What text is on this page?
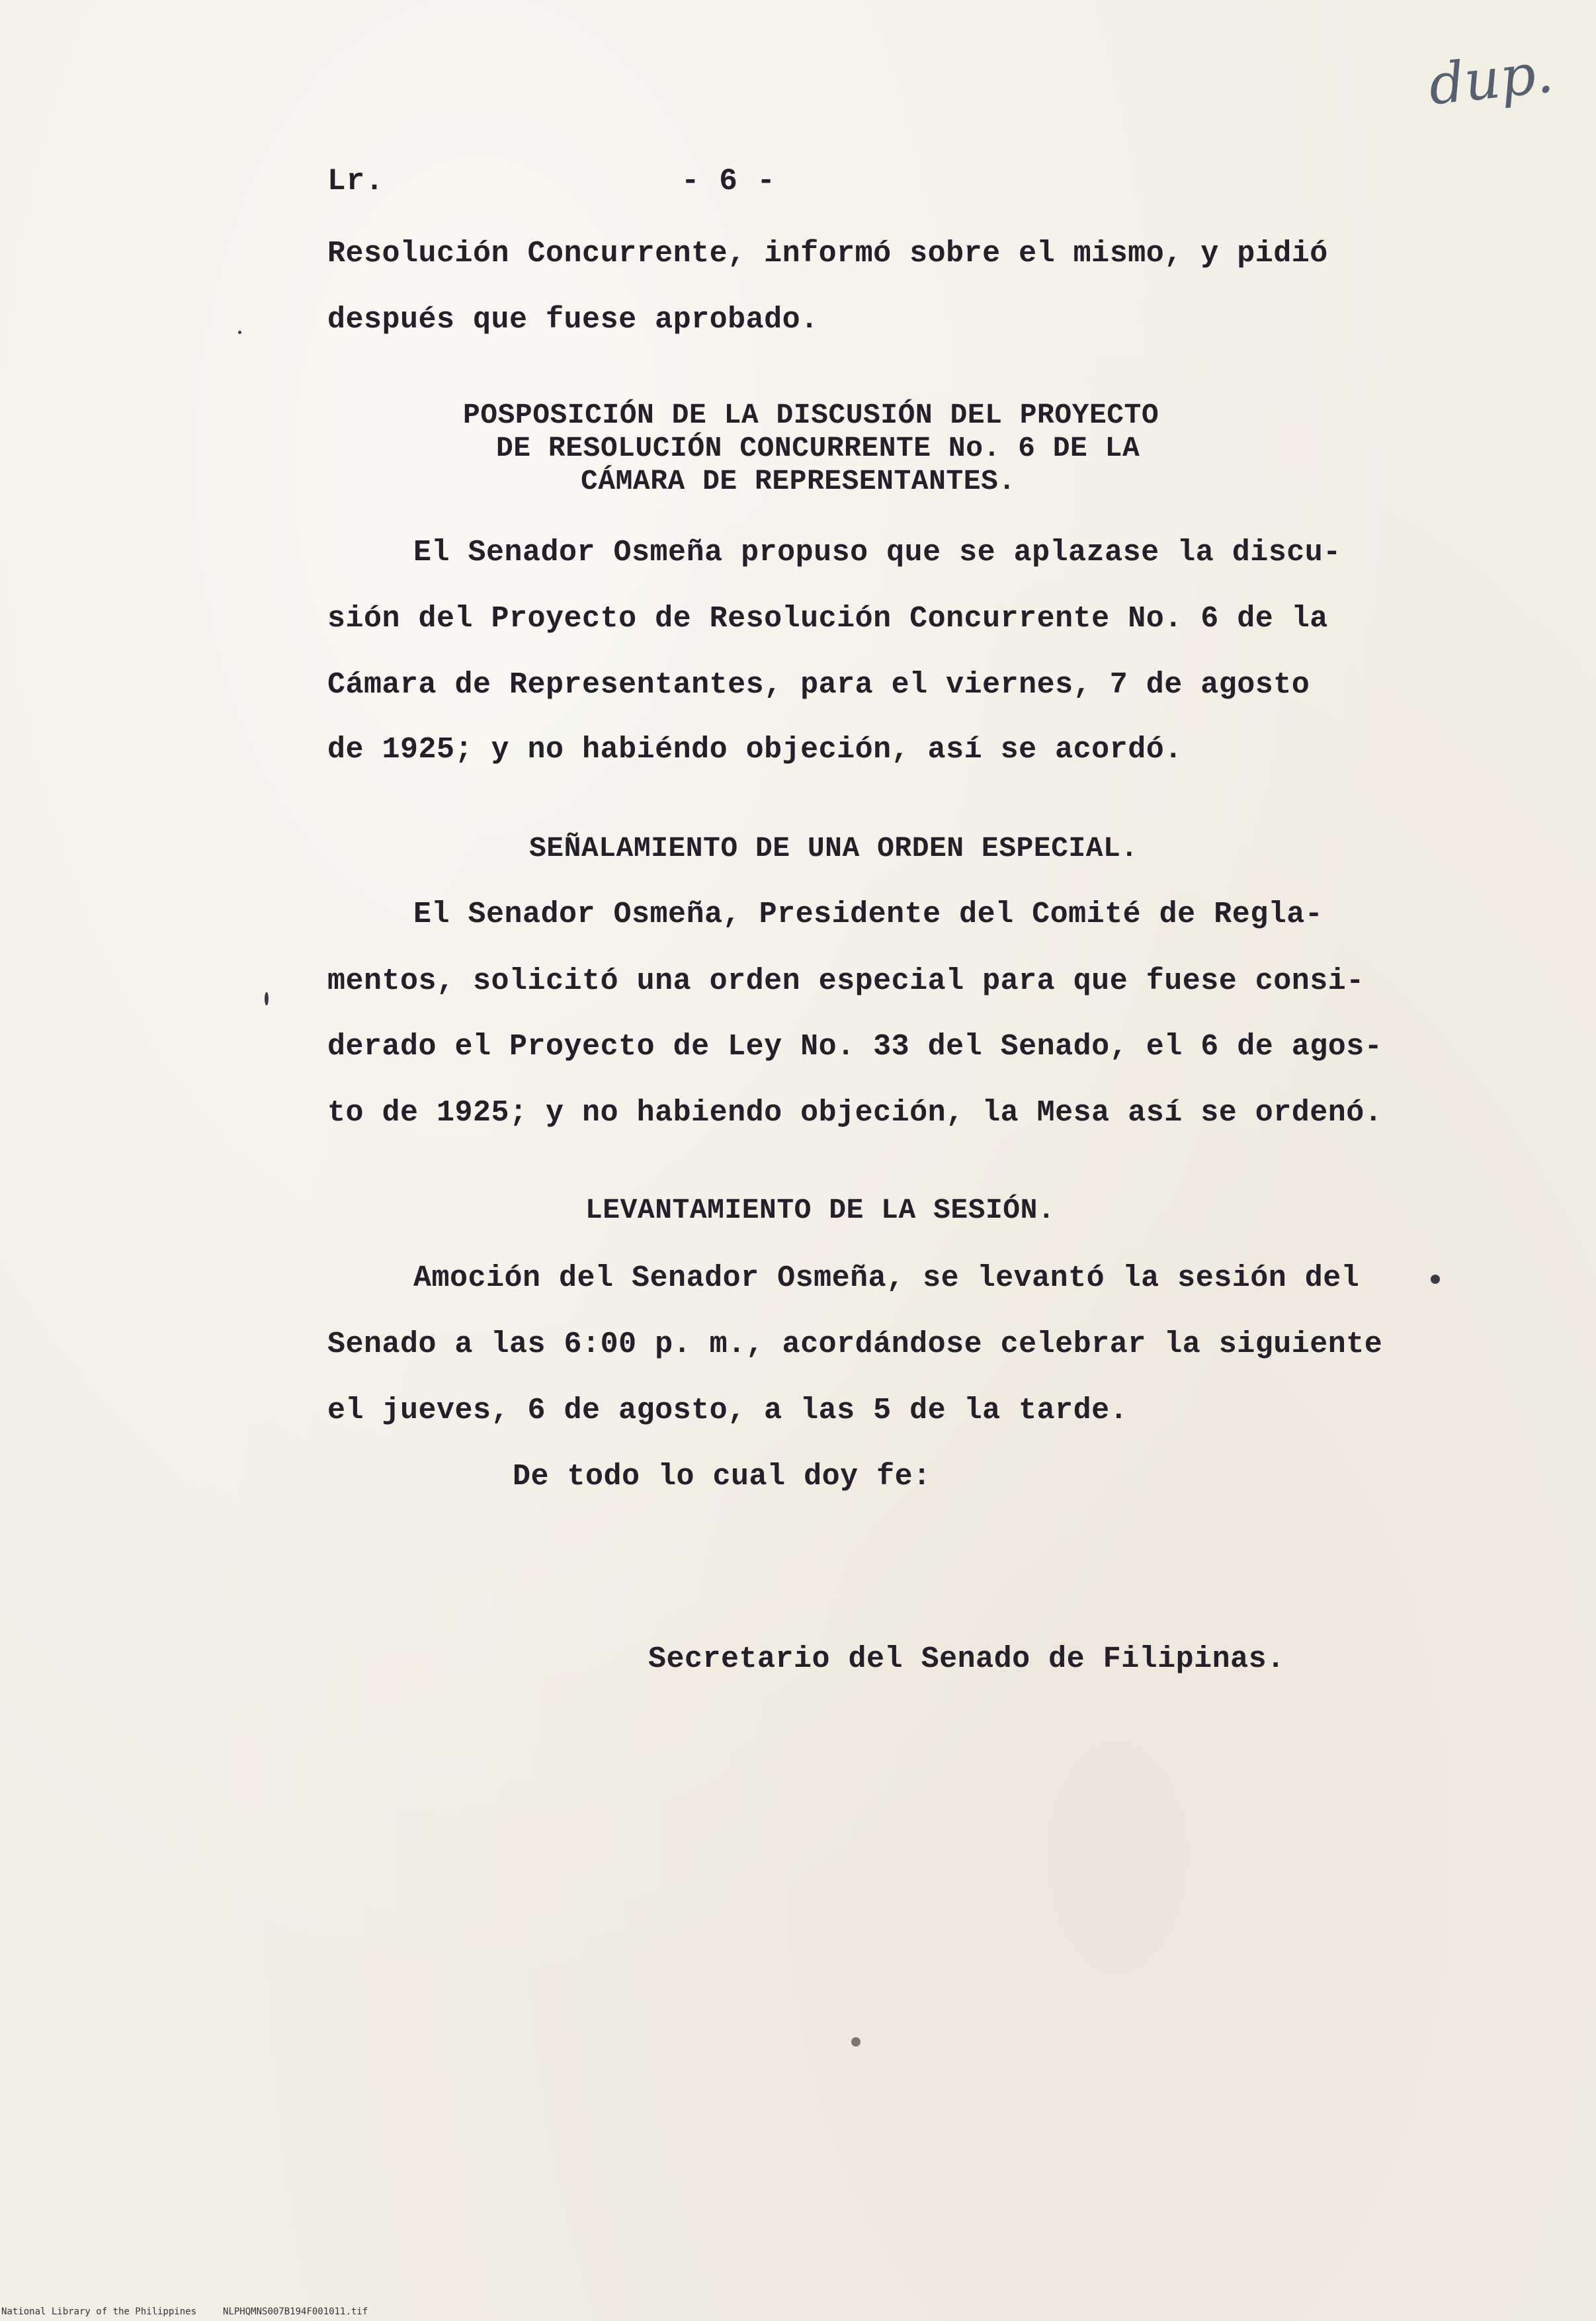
dup.
Lr.	- 6 -
Resolución Concurrente, informó sobre el mismo, y pidió
después que fuese aprobado.
POSPOSICIÓN DE LA DISCUSIÓN DEL PROYECTO
DE RESOLUCIÓN CONCURRENTE No. 6 DE LA
CÁMARA DE REPRESENTANTES.
El Senador Osmeña propuso que se aplazase la discu-
sión del Proyecto de Resolución Concurrente No. 6 de la
Cámara de Representantes, para el viernes, 7 de agosto
de 1925; y no habiéndo objeción, así se acordó.
SEÑALAMIENTO DE UNA ORDEN ESPECIAL.
El Senador Osmeña, Presidente del Comité de Regla-
mentos, solicitó una orden especial para que fuese consi-
derado el Proyecto de Ley No. 33 del Senado, el 6 de agos-
to de 1925; y no habiendo objeción, la Mesa así se ordenó.
LEVANTAMIENTO DE LA SESIÓN.
Amoción del Senador Osmeña, se levantó la sesión del
Senado a las 6:00 p. m., acordándose celebrar la siguiente
el jueves, 6 de agosto, a las 5 de la tarde.
De todo lo cual doy fe:
Secretario del Senado de Filipinas.
National Library of the Philippines	NLPHQMNS007B194F001011.tif
